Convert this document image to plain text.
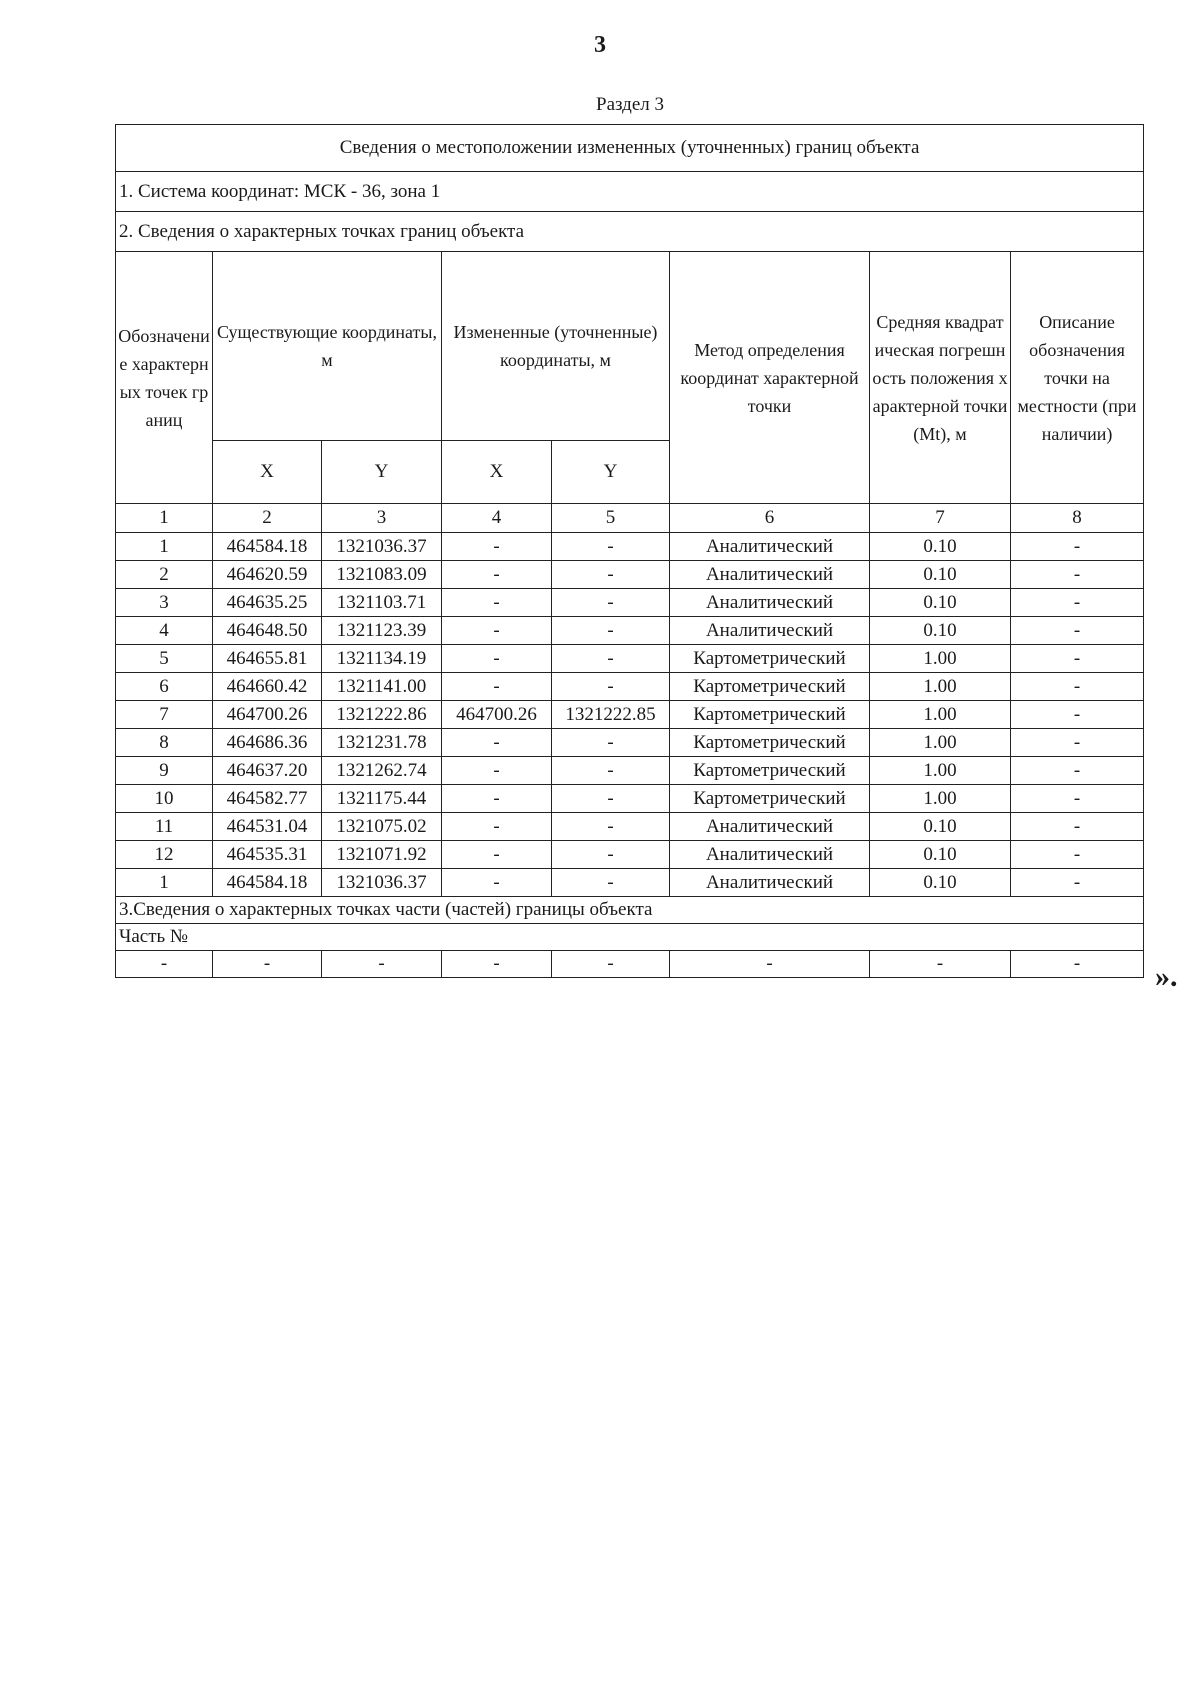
3
Раздел 3
Сведения о местоположении измененных (уточненных) границ объекта							
1. Система координат: МСК - 36, зона 1							
2. Сведения о характерных точках границ объекта							
Обозначение характерных точек границ	Существующие координаты, м		Измененные (уточненные) координаты, м		Метод определения координат характерной точки	Средняя квадратическая погрешность положения характерной точки (Mt), м	Описание обозначения точки на местности (при наличии)
	X	Y	X	Y			
1	2	3	4	5	6	7	8
1	464584.18	1321036.37	-	-	Аналитический	0.10	-
2	464620.59	1321083.09	-	-	Аналитический	0.10	-
3	464635.25	1321103.71	-	-	Аналитический	0.10	-
4	464648.50	1321123.39	-	-	Аналитический	0.10	-
5	464655.81	1321134.19	-	-	Картометрический	1.00	-
6	464660.42	1321141.00	-	-	Картометрический	1.00	-
7	464700.26	1321222.86	464700.26	1321222.85	Картометрический	1.00	-
8	464686.36	1321231.78	-	-	Картометрический	1.00	-
9	464637.20	1321262.74	-	-	Картометрический	1.00	-
10	464582.77	1321175.44	-	-	Картометрический	1.00	-
11	464531.04	1321075.02	-	-	Аналитический	0.10	-
12	464535.31	1321071.92	-	-	Аналитический	0.10	-
1	464584.18	1321036.37	-	-	Аналитический	0.10	-
3.Сведения о характерных точках части (частей) границы объекта							
Часть №							
-	-	-	-	-	-	-	- ».
